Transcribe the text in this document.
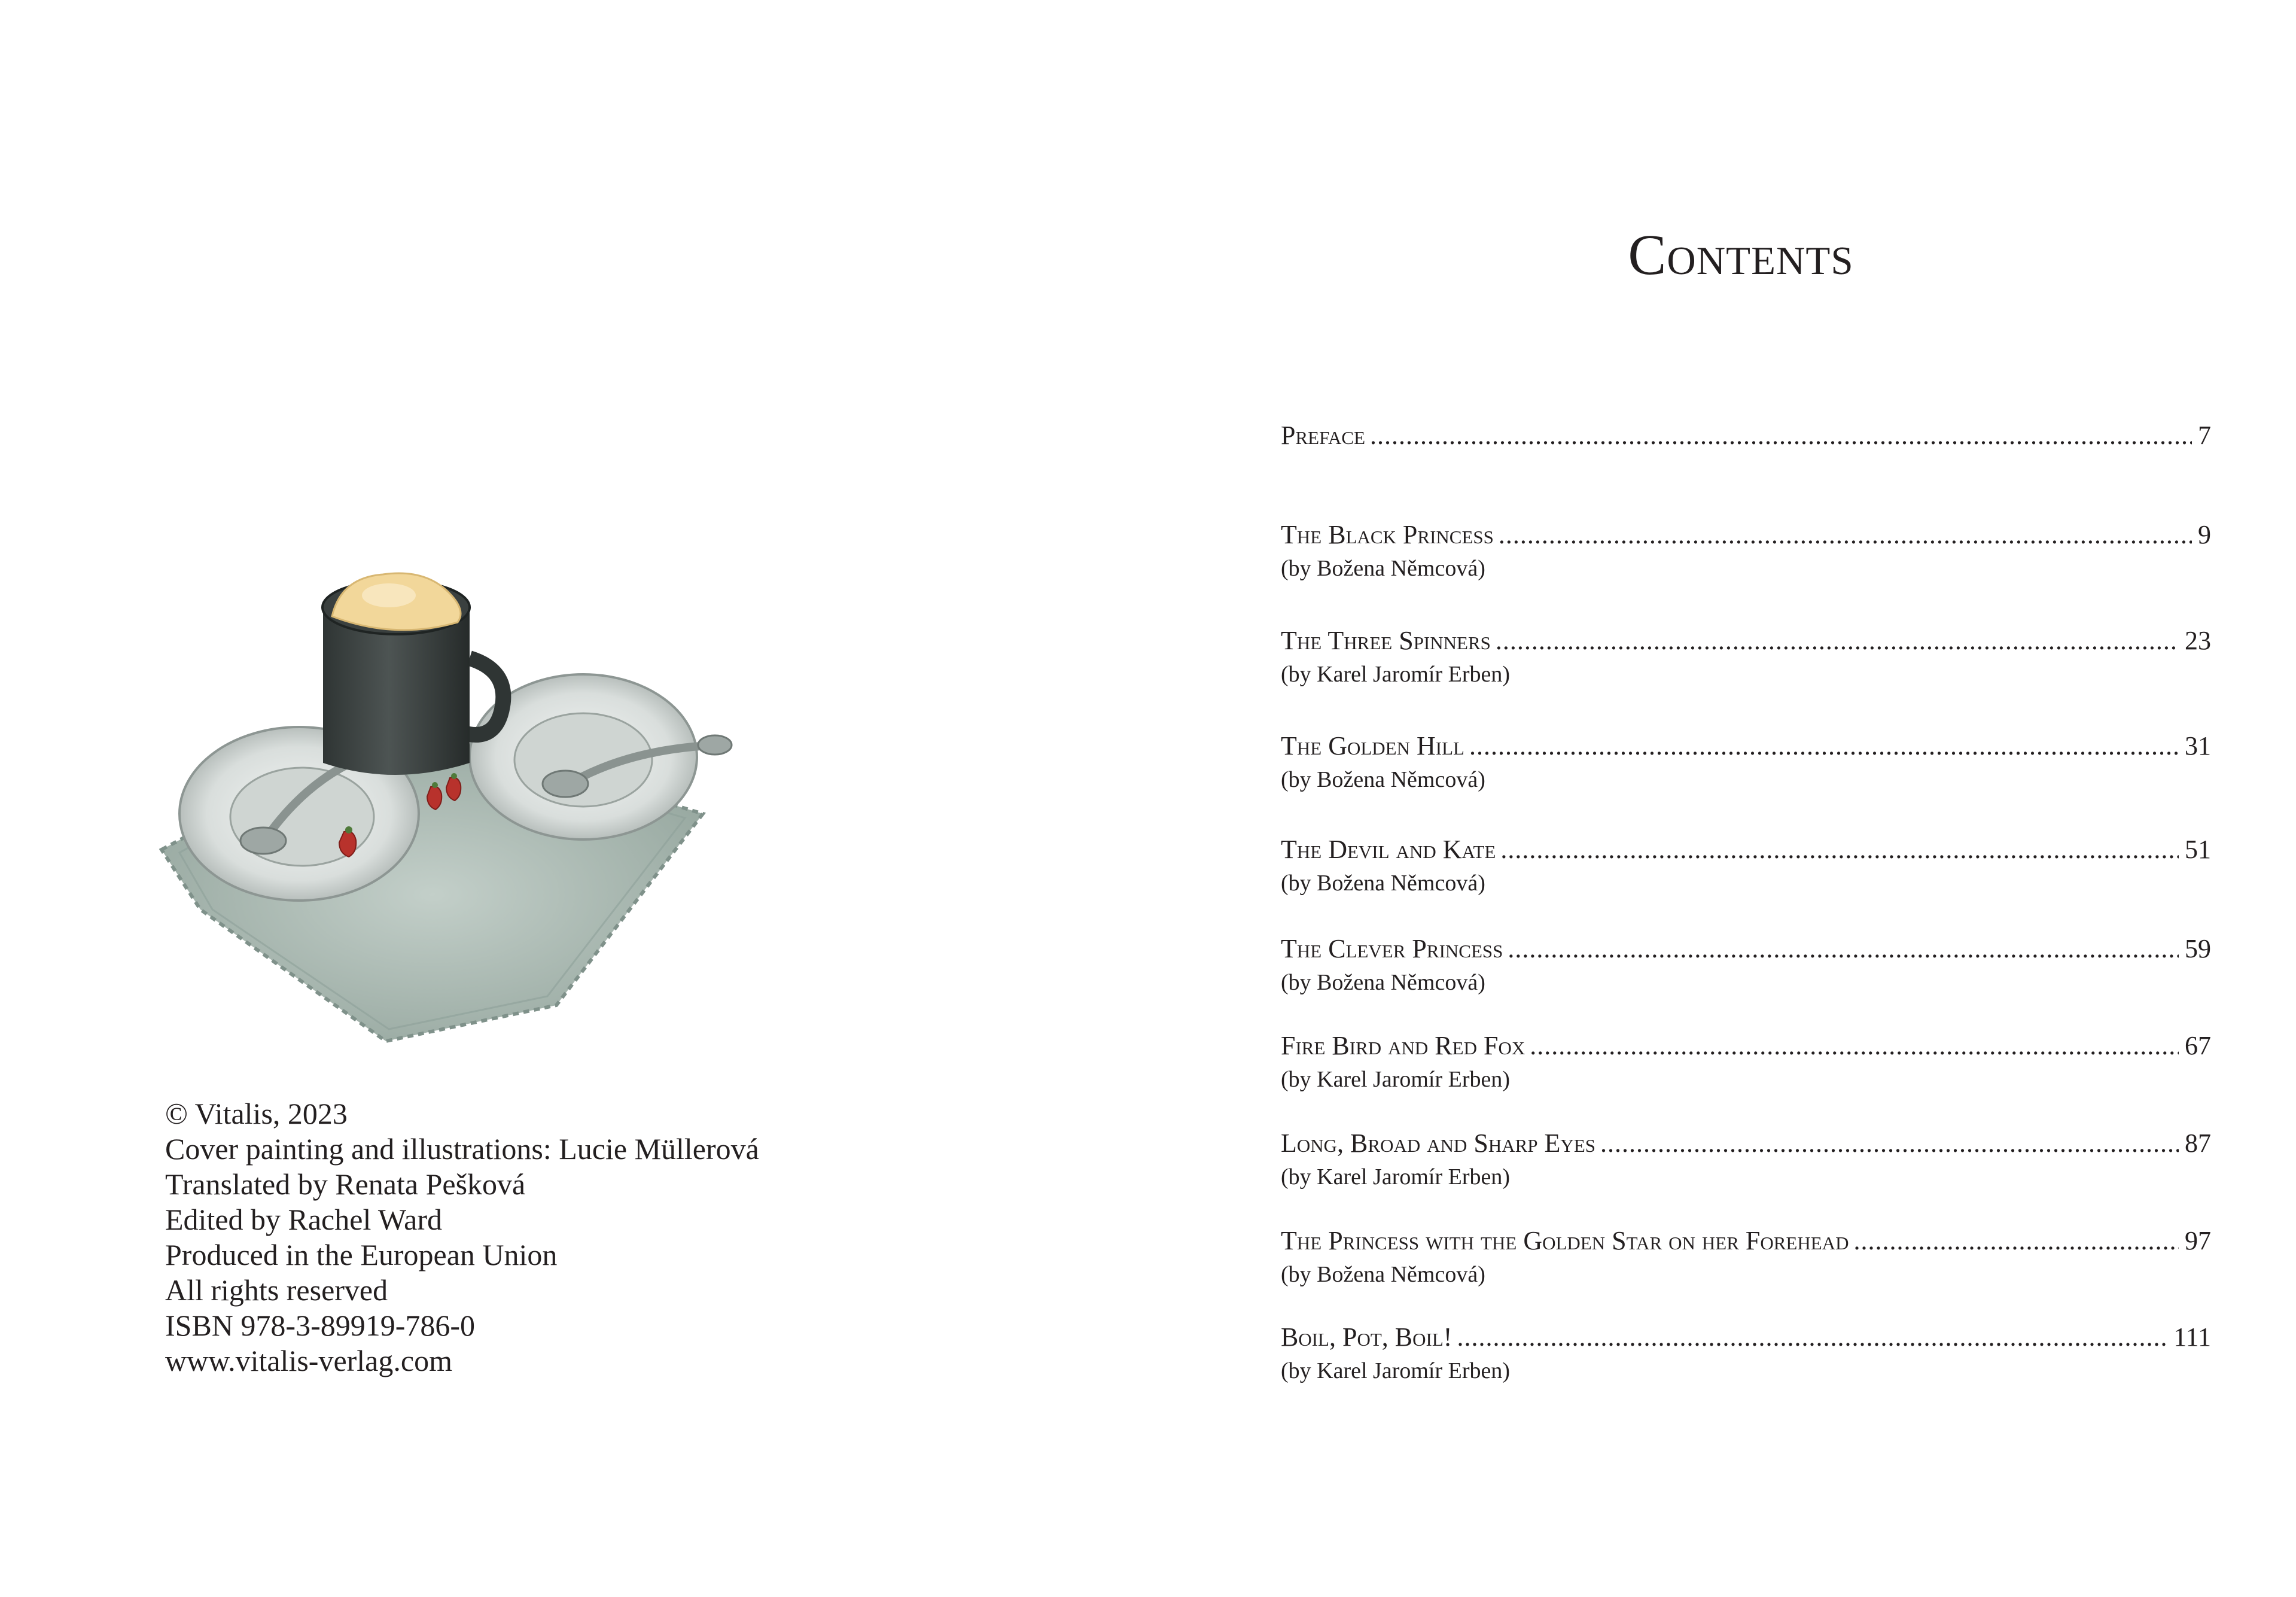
© Vitalis, 2023
Cover painting and illustrations: Lucie Müllerová
Translated by Renata Pešková
Edited by Rachel Ward
Produced in the European Union
All rights reserved
ISBN 978-3-89919-786-0
www.vitalis-verlag.com
Contents
Preface .....	7
The Black Princess .....	9
(by Božena Němcová)
The Three Spinners .....	23
(by Karel Jaromír Erben)
The Golden Hill .....	31
(by Božena Němcová)
The Devil and Kate .....	51
(by Božena Němcová)
The Clever Princess .....	59
(by Božena Němcová)
Fire Bird and Red Fox .....	67
(by Karel Jaromír Erben)
Long, Broad and Sharp Eyes .....	87
(by Karel Jaromír Erben)
The Princess with the Golden Star on her Forehead .....	97
(by Božena Němcová)
Boil, Pot, Boil! .....	111
(by Karel Jaromír Erben)
